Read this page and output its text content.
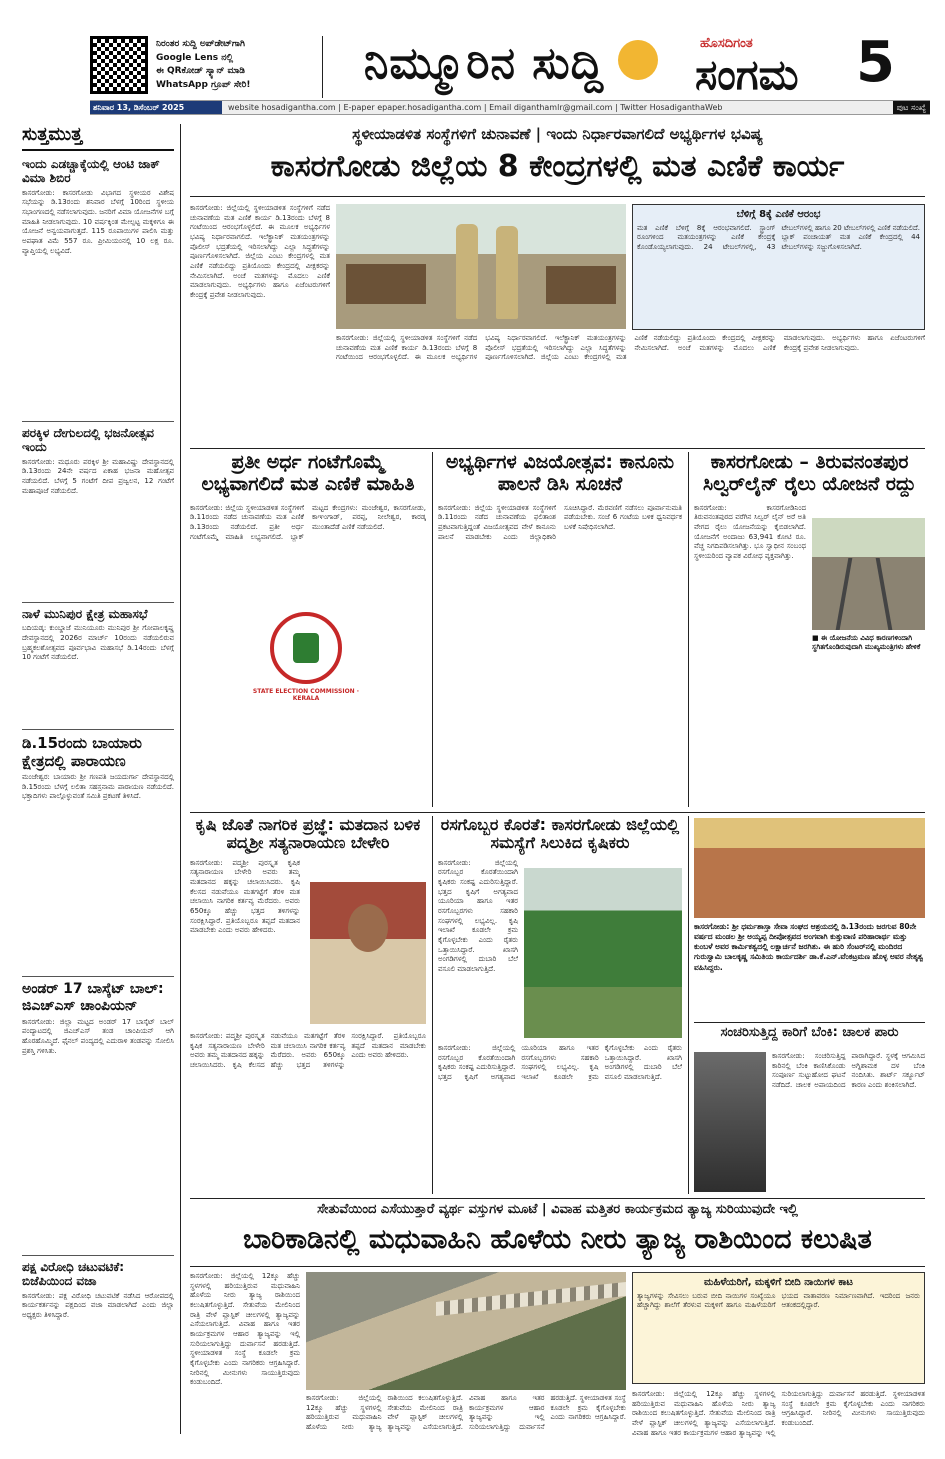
ನಿರಂತರ ಸುದ್ದಿ ಅಪ್‌ಡೇಟ್‌ಗಾಗಿ
Google Lens ನಲ್ಲಿ
ಈ QRಕೋಡ್ ಸ್ಕ್ಯಾನ್ ಮಾಡಿ
WhatsApp ಗ್ರೂಪ್ ಸೇರಿ!	ನಿಮ್ಮೂರಿನ ಸುದ್ದಿ	ಹೊಸದಿಗಂತ
ಸಂಗಮ 5
ಶನಿವಾರ 13, ಡಿಸೆಂಬರ್ 2025	website hosadigantha.com | E-paper epaper.hosadigantha.com | Email diganthamlr@gmail.com | Twitter HosadiganthaWeb	ಪುಟ ಸಂಖ್ಯೆ
ಸುತ್ತಮುತ್ತ
ಇಂದು ಎಡಚ್ಚಾಕ್ಕೆಯಲ್ಲಿ ಆಂಟಿ ಜಾಕ್ ವಿಮಾ ಶಿಬಿರ
ಕಾಸರಗೋಡು: ಕಾಸರಗೋಡು ವಿಭಾಗದ ಸ್ಥಳೀಯರ ವಿಶೇಷ ಸಭೆಯನ್ನು ಡಿ.13ರಂದು ಶನಿವಾರ ಬೆಳಗ್ಗೆ 10ರಿಂದ ಸ್ಥಳೀಯ ಸಭಾಂಗಣದಲ್ಲಿ ನಡೆಸಲಾಗುವುದು. ಜನರಿಗೆ ವಿಮಾ ಯೋಜನೆಗಳ ಬಗ್ಗೆ ಮಾಹಿತಿ ನೀಡಲಾಗುವುದು. 10 ವರ್ಷಕ್ಕಿಂತ ಮೇಲ್ಪಟ್ಟ ಮಕ್ಕಳಿಗೂ ಈ ಯೋಜನೆ ಅನ್ವಯವಾಗುತ್ತದೆ. 115 ರೂಪಾಯಿಗಳ ಪಾಲಿಸಿ ಮತ್ತು ಅಪಘಾತ ವಿಮೆ 557 ರೂ. ಪ್ರೀಮಿಯಂನಲ್ಲಿ 10 ಲಕ್ಷ ರೂ. ವ್ಯಾಪ್ತಿಯಲ್ಲಿ ಲಭ್ಯವಿದೆ.
ಪರಕ್ಕಿಳ ದೇಗುಲದಲ್ಲಿ ಭಜನೋತ್ಸವ ಇಂದು
ಕಾಸರಗೋಡು: ಮಧೂರು ಪರಕ್ಕಿಳ ಶ್ರೀ ಮಹಾವಿಷ್ಣು ದೇವಸ್ಥಾನದಲ್ಲಿ ಡಿ.13ರಂದು 24ನೇ ವರ್ಷದ ಏಕಾಹ ಭಜನಾ ಮಹೋತ್ಸವ ನಡೆಯಲಿದೆ. ಬೆಳಗ್ಗೆ 5 ಗಂಟೆಗೆ ದೀಪ ಪ್ರಜ್ವಲನ, 12 ಗಂಟೆಗೆ ಮಹಾಪೂಜೆ ನಡೆಯಲಿದೆ.
ನಾಳೆ ಮುನಿಪುರ ಕ್ಷೇತ್ರ ಮಹಾಸಭೆ
ಬದಿಯಡ್ಕ: ಕುಂಬ್ಡಾಜೆ ಮುನಿಯೂರು ಮುನಿಪುರ ಶ್ರೀ ಗೋಪಾಲಕೃಷ್ಣ ದೇವಸ್ಥಾನದಲ್ಲಿ 2026ರ ಮಾರ್ಚ್ 10ರಂದು ನಡೆಯಲಿರುವ ಬ್ರಹ್ಮಕಲಶೋತ್ಸವದ ಪೂರ್ವಭಾವಿ ಮಹಾಸಭೆ ಡಿ.14ರಂದು ಬೆಳಗ್ಗೆ 10 ಗಂಟೆಗೆ ನಡೆಯಲಿದೆ.
ಡಿ.15ರಂದು ಬಾಯಾರು ಕ್ಷೇತ್ರದಲ್ಲಿ ಪಾರಾಯಣ
ಮಂಜೇಶ್ವರ: ಬಾಯಾರು ಶ್ರೀ ಗಣಪತಿ ಜಯದುರ್ಗಾ ದೇವಸ್ಥಾನದಲ್ಲಿ ಡಿ.15ರಂದು ಬೆಳಗ್ಗೆ ಲಲಿತಾ ಸಹಸ್ರನಾಮ ಪಾರಾಯಣ ನಡೆಯಲಿದೆ. ಭಕ್ತಾದಿಗಳು ಪಾಲ್ಗೊಳ್ಳುವಂತೆ ಸಮಿತಿ ಪ್ರಕಟಣೆ ತಿಳಿಸಿದೆ.
ಅಂಡರ್ 17 ಬಾಸ್ಕೆಟ್ ಬಾಲ್: ಜಿಎಚ್‌ಎಸ್ ಚಾಂಪಿಯನ್
ಕಾಸರಗೋಡು: ಜಿಲ್ಲಾ ಮಟ್ಟದ ಅಂಡರ್ 17 ಬಾಸ್ಕೆಟ್ ಬಾಲ್ ಪಂದ್ಯಾಟದಲ್ಲಿ ಜಿಎಚ್‌ಎಸ್ ತಂಡ ಚಾಂಪಿಯನ್ ಆಗಿ ಹೊರಹೊಮ್ಮಿದೆ. ಫೈನಲ್ ಪಂದ್ಯದಲ್ಲಿ ಎದುರಾಳಿ ತಂಡವನ್ನು ಸೋಲಿಸಿ ಪ್ರಶಸ್ತಿ ಗಳಿಸಿತು.
ಪಕ್ಷ ವಿರೋಧಿ ಚಟುವಟಿಕೆ: ಬಿಜೆಪಿಯಿಂದ ವಜಾ
ಕಾಸರಗೋಡು: ಪಕ್ಷ ವಿರೋಧಿ ಚಟುವಟಿಕೆ ನಡೆಸಿದ ಆರೋಪದಲ್ಲಿ ಕಾರ್ಯಕರ್ತನನ್ನು ಪಕ್ಷದಿಂದ ವಜಾ ಮಾಡಲಾಗಿದೆ ಎಂದು ಜಿಲ್ಲಾ ಅಧ್ಯಕ್ಷರು ತಿಳಿಸಿದ್ದಾರೆ.
ಸ್ಥಳೀಯಾಡಳಿತ ಸಂಸ್ಥೆಗಳಿಗೆ ಚುನಾವಣೆ | ಇಂದು ನಿರ್ಧಾರವಾಗಲಿದೆ ಅಭ್ಯರ್ಥಿಗಳ ಭವಿಷ್ಯ
ಕಾಸರಗೋಡು ಜಿಲ್ಲೆಯ 8 ಕೇಂದ್ರಗಳಲ್ಲಿ ಮತ ಎಣಿಕೆ ಕಾರ್ಯ
ಕಾಸರಗೋಡು: ಜಿಲ್ಲೆಯಲ್ಲಿ ಸ್ಥಳೀಯಾಡಳಿತ ಸಂಸ್ಥೆಗಳಿಗೆ ನಡೆದ ಚುನಾವಣೆಯ ಮತ ಎಣಿಕೆ ಕಾರ್ಯ ಡಿ.13ರಂದು ಬೆಳಗ್ಗೆ 8 ಗಂಟೆಯಿಂದ ಆರಂಭಗೊಳ್ಳಲಿದೆ. ಈ ಮೂಲಕ ಅಭ್ಯರ್ಥಿಗಳ ಭವಿಷ್ಯ ನಿರ್ಧಾರವಾಗಲಿದೆ. ಇಲೆಕ್ಟ್ರಾನಿಕ್ ಮತಯಂತ್ರಗಳನ್ನು ಪೊಲೀಸ್ ಭದ್ರತೆಯಲ್ಲಿ ಇರಿಸಲಾಗಿದ್ದು ಎಲ್ಲಾ ಸಿದ್ಧತೆಗಳನ್ನು ಪೂರ್ಣಗೊಳಿಸಲಾಗಿದೆ. ಜಿಲ್ಲೆಯ ಎಂಟು ಕೇಂದ್ರಗಳಲ್ಲಿ ಮತ ಎಣಿಕೆ ನಡೆಯಲಿದ್ದು ಪ್ರತಿಯೊಂದು ಕೇಂದ್ರದಲ್ಲಿ ವೀಕ್ಷಕರನ್ನು ನೇಮಿಸಲಾಗಿದೆ. ಅಂಚೆ ಮತಗಳನ್ನು ಮೊದಲು ಎಣಿಕೆ ಮಾಡಲಾಗುವುದು. ಅಭ್ಯರ್ಥಿಗಳು ಹಾಗೂ ಏಜೆಂಟರುಗಳಿಗೆ ಕೇಂದ್ರಕ್ಕೆ ಪ್ರವೇಶ ನೀಡಲಾಗುವುದು.
ಬೆಳಿಗ್ಗೆ 8ಕ್ಕೆ ಎಣಿಕೆ ಆರಂಭ
ಮತ ಎಣಿಕೆ ಬೆಳಿಗ್ಗೆ 8ಕ್ಕೆ ಆರಂಭವಾಗಲಿದೆ. ಸ್ಟ್ರಾಂಗ್ ರೂಂಗಳಿಂದ ಮತಯಂತ್ರಗಳನ್ನು ಎಣಿಕೆ ಕೇಂದ್ರಕ್ಕೆ ಕೊಂಡೊಯ್ಯಲಾಗುವುದು. 24 ಟೇಬಲ್‌ಗಳಲ್ಲಿ, 43 ಟೇಬಲ್‌ಗಳಲ್ಲಿ ಹಾಗೂ 20 ಟೇಬಲ್‌ಗಳಲ್ಲಿ ಎಣಿಕೆ ನಡೆಯಲಿದೆ. ಬ್ಲಾಕ್ ಪಂಚಾಯತ್ ಮತ ಎಣಿಕೆ ಕೇಂದ್ರದಲ್ಲಿ 44 ಟೇಬಲ್‌ಗಳನ್ನು ಸಜ್ಜುಗೊಳಿಸಲಾಗಿದೆ.
ಕಾಸರಗೋಡು: ಜಿಲ್ಲೆಯಲ್ಲಿ ಸ್ಥಳೀಯಾಡಳಿತ ಸಂಸ್ಥೆಗಳಿಗೆ ನಡೆದ ಚುನಾವಣೆಯ ಮತ ಎಣಿಕೆ ಕಾರ್ಯ ಡಿ.13ರಂದು ಬೆಳಗ್ಗೆ 8 ಗಂಟೆಯಿಂದ ಆರಂಭಗೊಳ್ಳಲಿದೆ. ಈ ಮೂಲಕ ಅಭ್ಯರ್ಥಿಗಳ ಭವಿಷ್ಯ ನಿರ್ಧಾರವಾಗಲಿದೆ. ಇಲೆಕ್ಟ್ರಾನಿಕ್ ಮತಯಂತ್ರಗಳನ್ನು ಪೊಲೀಸ್ ಭದ್ರತೆಯಲ್ಲಿ ಇರಿಸಲಾಗಿದ್ದು ಎಲ್ಲಾ ಸಿದ್ಧತೆಗಳನ್ನು ಪೂರ್ಣಗೊಳಿಸಲಾಗಿದೆ. ಜಿಲ್ಲೆಯ ಎಂಟು ಕೇಂದ್ರಗಳಲ್ಲಿ ಮತ ಎಣಿಕೆ ನಡೆಯಲಿದ್ದು ಪ್ರತಿಯೊಂದು ಕೇಂದ್ರದಲ್ಲಿ ವೀಕ್ಷಕರನ್ನು ನೇಮಿಸಲಾಗಿದೆ. ಅಂಚೆ ಮತಗಳನ್ನು ಮೊದಲು ಎಣಿಕೆ ಮಾಡಲಾಗುವುದು. ಅಭ್ಯರ್ಥಿಗಳು ಹಾಗೂ ಏಜೆಂಟರುಗಳಿಗೆ ಕೇಂದ್ರಕ್ಕೆ ಪ್ರವೇಶ ನೀಡಲಾಗುವುದು.
ಪ್ರತೀ ಅರ್ಧ ಗಂಟೆಗೊಮ್ಮೆ ಲಭ್ಯವಾಗಲಿದೆ ಮತ ಎಣಿಕೆ ಮಾಹಿತಿ
ಕಾಸರಗೋಡು: ಜಿಲ್ಲೆಯ ಸ್ಥಳೀಯಾಡಳಿತ ಸಂಸ್ಥೆಗಳಿಗೆ ಡಿ.11ರಂದು ನಡೆದ ಚುನಾವಣೆಯ ಮತ ಎಣಿಕೆ ಡಿ.13ರಂದು ನಡೆಯಲಿದೆ. ಪ್ರತೀ ಅರ್ಧ ಗಂಟೆಗೊಮ್ಮೆ ಮಾಹಿತಿ ಲಭ್ಯವಾಗಲಿದೆ. ಬ್ಲಾಕ್ ಮಟ್ಟದ ಕೇಂದ್ರಗಳು: ಮಂಜೇಶ್ವರ, ಕಾಸರಗೋಡು, ಕಾಞಂಗಾಡ್, ಪರಪ್ಪ, ನೀಲೇಶ್ವರ, ಕಾರಡ್ಕ ಮುಂತಾದೆಡೆ ಎಣಿಕೆ ನಡೆಯಲಿದೆ.
STATE ELECTION COMMISSION · KERALA
ಅಭ್ಯರ್ಥಿಗಳ ವಿಜಯೋತ್ಸವ: ಕಾನೂನು ಪಾಲನೆ ಡಿಸಿ ಸೂಚನೆ
ಕಾಸರಗೋಡು: ಜಿಲ್ಲೆಯ ಸ್ಥಳೀಯಾಡಳಿತ ಸಂಸ್ಥೆಗಳಿಗೆ ಡಿ.11ರಂದು ನಡೆದ ಚುನಾವಣೆಯ ಫಲಿತಾಂಶ ಪ್ರಕಟವಾಗುತ್ತಿದ್ದಂತೆ ವಿಜಯೋತ್ಸವದ ವೇಳೆ ಕಾನೂನು ಪಾಲನೆ ಮಾಡಬೇಕು ಎಂದು ಜಿಲ್ಲಾಧಿಕಾರಿ ಸೂಚಿಸಿದ್ದಾರೆ. ಮೆರವಣಿಗೆ ನಡೆಸಲು ಪೂರ್ವಾನುಮತಿ ಪಡೆಯಬೇಕು. ಸಂಜೆ 6 ಗಂಟೆಯ ಬಳಿಕ ಧ್ವನಿವರ್ಧಕ ಬಳಕೆ ನಿಷೇಧಿಸಲಾಗಿದೆ.
ಕಾಸರಗೋಡು – ತಿರುವನಂತಪುರ ಸಿಲ್ವರ್‌ಲೈನ್ ರೈಲು ಯೋಜನೆ ರದ್ದು
ಕಾಸರಗೋಡು: ಕಾಸರಗೋಡಿನಿಂದ ತಿರುವನಂತಪುರದ ವರೆಗಿನ ಸಿಲ್ವರ್ ಲೈನ್ ಅರೆ ಅತಿ ವೇಗದ ರೈಲು ಯೋಜನೆಯನ್ನು ಕೈಬಿಡಲಾಗಿದೆ. ಯೋಜನೆಗೆ ಅಂದಾಜು 63,941 ಕೋಟಿ ರೂ. ವೆಚ್ಚ ನಿಗದಿಪಡಿಸಲಾಗಿತ್ತು. ಭೂ ಸ್ವಾಧೀನ ಸಂಬಂಧ ಸ್ಥಳೀಯರಿಂದ ವ್ಯಾಪಕ ವಿರೋಧ ವ್ಯಕ್ತವಾಗಿತ್ತು.
■ ಈ ಯೋಜನೆಯ ವಿವಿಧ ಕಾರಣಗಳಿಂದಾಗಿ ಸ್ಥಗಿತಗೊಂಡಿರುವುದಾಗಿ ಮುಖ್ಯಮಂತ್ರಿಗಳು ಹೇಳಿಕೆ
ಕೃಷಿ ಜೊತೆ ನಾಗರಿಕ ಪ್ರಜ್ಞೆ: ಮತದಾನ ಬಳಿಕ ಪದ್ಮಶ್ರೀ ಸತ್ಯನಾರಾಯಣ ಬೇಳೇರಿ
ಕಾಸರಗೋಡು: ಪದ್ಮಶ್ರೀ ಪುರಸ್ಕೃತ ಕೃಷಿಕ ಸತ್ಯನಾರಾಯಣ ಬೇಳೇರಿ ಅವರು ತಮ್ಮ ಮತದಾನದ ಹಕ್ಕನ್ನು ಚಲಾಯಿಸಿದರು. ಕೃಷಿ ಕೆಲಸದ ನಡುವೆಯೂ ಮತಗಟ್ಟೆಗೆ ತೆರಳಿ ಮತ ಚಲಾಯಿಸಿ ನಾಗರಿಕ ಕರ್ತವ್ಯ ಮೆರೆದರು. ಅವರು 650ಕ್ಕೂ ಹೆಚ್ಚು ಭತ್ತದ ತಳಿಗಳನ್ನು ಸಂರಕ್ಷಿಸಿದ್ದಾರೆ. ಪ್ರತಿಯೊಬ್ಬರೂ ತಪ್ಪದೆ ಮತದಾನ ಮಾಡಬೇಕು ಎಂದು ಅವರು ಹೇಳಿದರು.
ಕಾಸರಗೋಡು: ಪದ್ಮಶ್ರೀ ಪುರಸ್ಕೃತ ಕೃಷಿಕ ಸತ್ಯನಾರಾಯಣ ಬೇಳೇರಿ ಅವರು ತಮ್ಮ ಮತದಾನದ ಹಕ್ಕನ್ನು ಚಲಾಯಿಸಿದರು. ಕೃಷಿ ಕೆಲಸದ ನಡುವೆಯೂ ಮತಗಟ್ಟೆಗೆ ತೆರಳಿ ಮತ ಚಲಾಯಿಸಿ ನಾಗರಿಕ ಕರ್ತವ್ಯ ಮೆರೆದರು. ಅವರು 650ಕ್ಕೂ ಹೆಚ್ಚು ಭತ್ತದ ತಳಿಗಳನ್ನು ಸಂರಕ್ಷಿಸಿದ್ದಾರೆ. ಪ್ರತಿಯೊಬ್ಬರೂ ತಪ್ಪದೆ ಮತದಾನ ಮಾಡಬೇಕು ಎಂದು ಅವರು ಹೇಳಿದರು.
ರಸಗೊಬ್ಬರ ಕೊರತೆ: ಕಾಸರಗೋಡು ಜಿಲ್ಲೆಯಲ್ಲಿ ಸಮಸ್ಯೆಗೆ ಸಿಲುಕಿದ ಕೃಷಿಕರು
ಕಾಸರಗೋಡು: ಜಿಲ್ಲೆಯಲ್ಲಿ ರಸಗೊಬ್ಬರ ಕೊರತೆಯಿಂದಾಗಿ ಕೃಷಿಕರು ಸಂಕಷ್ಟ ಎದುರಿಸುತ್ತಿದ್ದಾರೆ. ಭತ್ತದ ಕೃಷಿಗೆ ಅಗತ್ಯವಾದ ಯೂರಿಯಾ ಹಾಗೂ ಇತರ ರಸಗೊಬ್ಬರಗಳು ಸಹಕಾರಿ ಸಂಘಗಳಲ್ಲಿ ಲಭ್ಯವಿಲ್ಲ. ಕೃಷಿ ಇಲಾಖೆ ಕೂಡಲೇ ಕ್ರಮ ಕೈಗೊಳ್ಳಬೇಕು ಎಂದು ರೈತರು ಒತ್ತಾಯಿಸಿದ್ದಾರೆ. ಖಾಸಗಿ ಅಂಗಡಿಗಳಲ್ಲಿ ದುಬಾರಿ ಬೆಲೆ ವಸೂಲಿ ಮಾಡಲಾಗುತ್ತಿದೆ.
ಕಾಸರಗೋಡು: ಜಿಲ್ಲೆಯಲ್ಲಿ ರಸಗೊಬ್ಬರ ಕೊರತೆಯಿಂದಾಗಿ ಕೃಷಿಕರು ಸಂಕಷ್ಟ ಎದುರಿಸುತ್ತಿದ್ದಾರೆ. ಭತ್ತದ ಕೃಷಿಗೆ ಅಗತ್ಯವಾದ ಯೂರಿಯಾ ಹಾಗೂ ಇತರ ರಸಗೊಬ್ಬರಗಳು ಸಹಕಾರಿ ಸಂಘಗಳಲ್ಲಿ ಲಭ್ಯವಿಲ್ಲ. ಕೃಷಿ ಇಲಾಖೆ ಕೂಡಲೇ ಕ್ರಮ ಕೈಗೊಳ್ಳಬೇಕು ಎಂದು ರೈತರು ಒತ್ತಾಯಿಸಿದ್ದಾರೆ. ಖಾಸಗಿ ಅಂಗಡಿಗಳಲ್ಲಿ ದುಬಾರಿ ಬೆಲೆ ವಸೂಲಿ ಮಾಡಲಾಗುತ್ತಿದೆ.
ಕಾಸರಗೋಡು: ಶ್ರೀ ಧರ್ಮಶಾಸ್ತಾ ಸೇವಾ ಸಂಘದ ಆಶ್ರಯದಲ್ಲಿ ಡಿ.13ರಂದು ಜರಗುವ 80ನೇ ವರ್ಷದ ಮಂಡಲ ಶ್ರೀ ಅಯ್ಯಪ್ಪ ದೀಪೋತ್ಸವದ ಅಂಗವಾಗಿ ಕುತ್ತುವಾಣಿ ಪರಿಹಾರಾರ್ಥ ಮತ್ತು ಕುಂಬಳೆ ಅವರ ಕಾರ್ಮಿಕತ್ವದಲ್ಲಿ ಲಕ್ಷಾರ್ಚನೆ ಜರಗಿತು. ಈ ಹುರಿ ಸೆಂಟರ್‌ನಲ್ಲಿ ಮಂದಿರದ ಗುರುಸ್ವಾಮಿ ಬಾಲಕೃಷ್ಣ ಸಮಿತಿಯ ಕಾರ್ಯದರ್ಶಿ ಡಾ.ಕೆ.ಎನ್.ವೆಂಕಟ್ರಮಣ ಹೊಳ್ಳ ಅವರ ನೇತೃತ್ವ ವಹಿಸಿದ್ದರು.
ಸಂಚರಿಸುತ್ತಿದ್ದ ಕಾರಿಗೆ ಬೆಂಕಿ: ಚಾಲಕ ಪಾರು
ಕಾಸರಗೋಡು: ಸಂಚರಿಸುತ್ತಿದ್ದ ಕಾರಿನಲ್ಲಿ ಬೆಂಕಿ ಕಾಣಿಸಿಕೊಂಡು ಸಂಪೂರ್ಣ ಸುಟ್ಟುಹೋದ ಘಟನೆ ನಡೆದಿದೆ. ಚಾಲಕ ಅಪಾಯದಿಂದ ಪಾರಾಗಿದ್ದಾರೆ. ಸ್ಥಳಕ್ಕೆ ಆಗಮಿಸಿದ ಅಗ್ನಿಶಾಮಕ ದಳ ಬೆಂಕಿ ನಂದಿಸಿತು. ಶಾರ್ಟ್ ಸರ್ಕ್ಯೂಟ್ ಕಾರಣ ಎಂದು ಶಂಕಿಸಲಾಗಿದೆ.
ಸೇತುವೆಯಿಂದ ಎಸೆಯುತ್ತಾರೆ ವ್ಯರ್ಥ ವಸ್ತುಗಳ ಮೂಟೆ | ವಿವಾಹ ಮತ್ತಿತರ ಕಾರ್ಯಕ್ರಮದ ತ್ಯಾಜ್ಯ ಸುರಿಯುವುದೇ ಇಲ್ಲಿ
ಬಾರಿಕಾಡಿನಲ್ಲಿ ಮಧುವಾಹಿನಿ ಹೊಳೆಯ ನೀರು ತ್ಯಾಜ್ಯ ರಾಶಿಯಿಂದ ಕಲುಷಿತ
ಕಾಸರಗೋಡು: ಜಿಲ್ಲೆಯಲ್ಲಿ 12ಕ್ಕೂ ಹೆಚ್ಚು ಸ್ಥಳಗಳಲ್ಲಿ ಹರಿಯುತ್ತಿರುವ ಮಧುವಾಹಿನಿ ಹೊಳೆಯ ನೀರು ತ್ಯಾಜ್ಯ ರಾಶಿಯಿಂದ ಕಲುಷಿತಗೊಳ್ಳುತ್ತಿದೆ. ಸೇತುವೆಯ ಮೇಲಿನಿಂದ ರಾತ್ರಿ ವೇಳೆ ಪ್ಲಾಸ್ಟಿಕ್ ಚೀಲಗಳಲ್ಲಿ ತ್ಯಾಜ್ಯವನ್ನು ಎಸೆಯಲಾಗುತ್ತಿದೆ. ವಿವಾಹ ಹಾಗೂ ಇತರ ಕಾರ್ಯಕ್ರಮಗಳ ಆಹಾರ ತ್ಯಾಜ್ಯವನ್ನು ಇಲ್ಲಿ ಸುರಿಯಲಾಗುತ್ತಿದ್ದು ದುರ್ವಾಸನೆ ಹರಡುತ್ತಿದೆ. ಸ್ಥಳೀಯಾಡಳಿತ ಸಂಸ್ಥೆ ಕೂಡಲೇ ಕ್ರಮ ಕೈಗೊಳ್ಳಬೇಕು ಎಂದು ನಾಗರಿಕರು ಆಗ್ರಹಿಸಿದ್ದಾರೆ. ನೀರಿನಲ್ಲಿ ಮೀನುಗಳು ಸಾಯುತ್ತಿರುವುದು ಕಂಡುಬಂದಿದೆ.
ಕಾಸರಗೋಡು: ಜಿಲ್ಲೆಯಲ್ಲಿ 12ಕ್ಕೂ ಹೆಚ್ಚು ಸ್ಥಳಗಳಲ್ಲಿ ಹರಿಯುತ್ತಿರುವ ಮಧುವಾಹಿನಿ ಹೊಳೆಯ ನೀರು ತ್ಯಾಜ್ಯ ರಾಶಿಯಿಂದ ಕಲುಷಿತಗೊಳ್ಳುತ್ತಿದೆ. ಸೇತುವೆಯ ಮೇಲಿನಿಂದ ರಾತ್ರಿ ವೇಳೆ ಪ್ಲಾಸ್ಟಿಕ್ ಚೀಲಗಳಲ್ಲಿ ತ್ಯಾಜ್ಯವನ್ನು ಎಸೆಯಲಾಗುತ್ತಿದೆ. ವಿವಾಹ ಹಾಗೂ ಇತರ ಕಾರ್ಯಕ್ರಮಗಳ ಆಹಾರ ತ್ಯಾಜ್ಯವನ್ನು ಇಲ್ಲಿ ಸುರಿಯಲಾಗುತ್ತಿದ್ದು ದುರ್ವಾಸನೆ ಹರಡುತ್ತಿದೆ. ಸ್ಥಳೀಯಾಡಳಿತ ಸಂಸ್ಥೆ ಕೂಡಲೇ ಕ್ರಮ ಕೈಗೊಳ್ಳಬೇಕು ಎಂದು ನಾಗರಿಕರು ಆಗ್ರಹಿಸಿದ್ದಾರೆ.
ಮಹಿಳೆಯರಿಗೆ, ಮಕ್ಕಳಿಗೆ ಬೀದಿ ನಾಯಿಗಳ ಕಾಟ
ತ್ಯಾಜ್ಯಗಳನ್ನು ಸೇವಿಸಲು ಬರುವ ಬೀದಿ ನಾಯಿಗಳ ಸಂಖ್ಯೆಯೂ ಹೆಚ್ಚಾಗಿದ್ದು ಶಾಲೆಗೆ ತೆರಳುವ ಮಕ್ಕಳಿಗೆ ಹಾಗೂ ಮಹಿಳೆಯರಿಗೆ ಭಯದ ವಾತಾವರಣ ನಿರ್ಮಾಣವಾಗಿದೆ. ಇದರಿಂದ ಜನರು ಆತಂಕದಲ್ಲಿದ್ದಾರೆ.
ಕಾಸರಗೋಡು: ಜಿಲ್ಲೆಯಲ್ಲಿ 12ಕ್ಕೂ ಹೆಚ್ಚು ಸ್ಥಳಗಳಲ್ಲಿ ಹರಿಯುತ್ತಿರುವ ಮಧುವಾಹಿನಿ ಹೊಳೆಯ ನೀರು ತ್ಯಾಜ್ಯ ರಾಶಿಯಿಂದ ಕಲುಷಿತಗೊಳ್ಳುತ್ತಿದೆ. ಸೇತುವೆಯ ಮೇಲಿನಿಂದ ರಾತ್ರಿ ವೇಳೆ ಪ್ಲಾಸ್ಟಿಕ್ ಚೀಲಗಳಲ್ಲಿ ತ್ಯಾಜ್ಯವನ್ನು ಎಸೆಯಲಾಗುತ್ತಿದೆ. ವಿವಾಹ ಹಾಗೂ ಇತರ ಕಾರ್ಯಕ್ರಮಗಳ ಆಹಾರ ತ್ಯಾಜ್ಯವನ್ನು ಇಲ್ಲಿ ಸುರಿಯಲಾಗುತ್ತಿದ್ದು ದುರ್ವಾಸನೆ ಹರಡುತ್ತಿದೆ. ಸ್ಥಳೀಯಾಡಳಿತ ಸಂಸ್ಥೆ ಕೂಡಲೇ ಕ್ರಮ ಕೈಗೊಳ್ಳಬೇಕು ಎಂದು ನಾಗರಿಕರು ಆಗ್ರಹಿಸಿದ್ದಾರೆ. ನೀರಿನಲ್ಲಿ ಮೀನುಗಳು ಸಾಯುತ್ತಿರುವುದು ಕಂಡುಬಂದಿದೆ.
